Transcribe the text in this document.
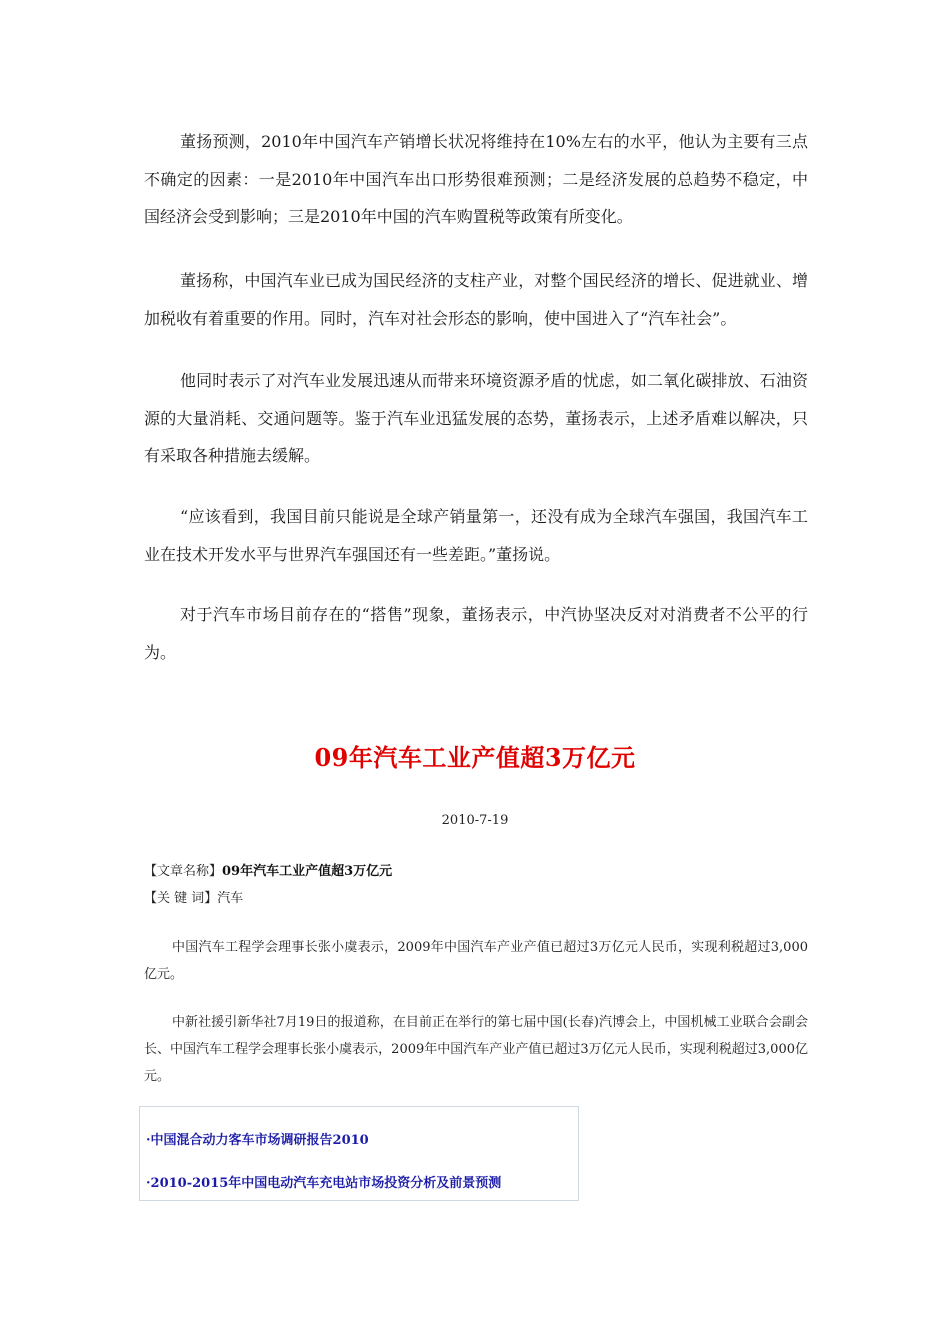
董扬预测，2010年中国汽车产销增长状况将维持在10%左右的水平，他认为主要有三点不确定的因素：一是2010年中国汽车出口形势很难预测；二是经济发展的总趋势不稳定，中国经济会受到影响；三是2010年中国的汽车购置税等政策有所变化。

董扬称，中国汽车业已成为国民经济的支柱产业，对整个国民经济的增长、促进就业、增加税收有着重要的作用。同时，汽车对社会形态的影响，使中国进入了“汽车社会”。

他同时表示了对汽车业发展迅速从而带来环境资源矛盾的忧虑，如二氧化碳排放、石油资源的大量消耗、交通问题等。鉴于汽车业迅猛发展的态势，董扬表示，上述矛盾难以解决，只有采取各种措施去缓解。

“应该看到，我国目前只能说是全球产销量第一，还没有成为全球汽车强国，我国汽车工业在技术开发水平与世界汽车强国还有一些差距。”董扬说。

对于汽车市场目前存在的“搭售”现象，董扬表示，中汽协坚决反对对消费者不公平的行为。

09年汽车工业产值超3万亿元
2010-7-19
【文章名称】09年汽车工业产值超3万亿元
【关 键 词】汽车

中国汽车工程学会理事长张小虞表示，2009年中国汽车产业产值已超过3万亿元人民币，实现利税超过3,000亿元。

中新社援引新华社7月19日的报道称，在目前正在举行的第七届中国(长春)汽博会上，中国机械工业联合会副会长、中国汽车工程学会理事长张小虞表示，2009年中国汽车产业产值已超过3万亿元人民币，实现利税超过3,000亿元。

·中国混合动力客车市场调研报告2010
·2010-2015年中国电动汽车充电站市场投资分析及前景预测
